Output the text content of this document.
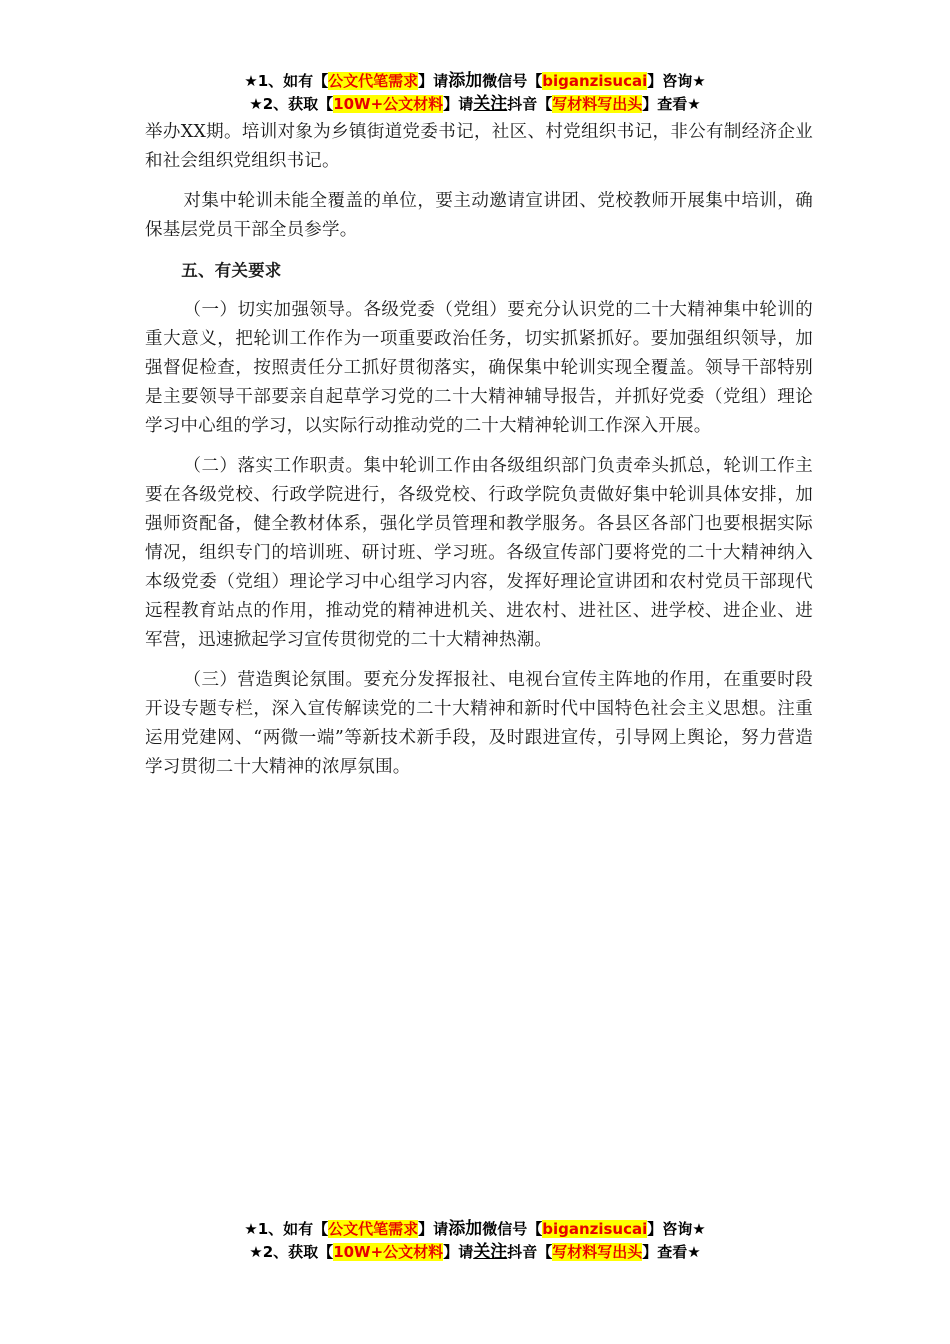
★1、如有【公文代笔需求】请添加微信号【biganzisucai】咨询★
★2、获取【10W+公文材料】请关注抖音【写材料写出头】查看★

举办XX期。培训对象为乡镇街道党委书记，社区、村党组织书记，非公有制经济企业和社会组织党组织书记。

对集中轮训未能全覆盖的单位，要主动邀请宣讲团、党校教师开展集中培训，确保基层党员干部全员参学。

五、有关要求

（一）切实加强领导。各级党委（党组）要充分认识党的二十大精神集中轮训的重大意义，把轮训工作作为一项重要政治任务，切实抓紧抓好。要加强组织领导，加强督促检查，按照责任分工抓好贯彻落实，确保集中轮训实现全覆盖。领导干部特别是主要领导干部要亲自起草学习党的二十大精神辅导报告，并抓好党委（党组）理论学习中心组的学习，以实际行动推动党的二十大精神轮训工作深入开展。

（二）落实工作职责。集中轮训工作由各级组织部门负责牵头抓总，轮训工作主要在各级党校、行政学院进行，各级党校、行政学院负责做好集中轮训具体安排，加强师资配备，健全教材体系，强化学员管理和教学服务。各县区各部门也要根据实际情况，组织专门的培训班、研讨班、学习班。各级宣传部门要将党的二十大精神纳入本级党委（党组）理论学习中心组学习内容，发挥好理论宣讲团和农村党员干部现代远程教育站点的作用，推动党的精神进机关、进农村、进社区、进学校、进企业、进军营，迅速掀起学习宣传贯彻党的二十大精神热潮。

（三）营造舆论氛围。要充分发挥报社、电视台宣传主阵地的作用，在重要时段开设专题专栏，深入宣传解读党的二十大精神和新时代中国特色社会主义思想。注重运用党建网、“两微一端”等新技术新手段，及时跟进宣传，引导网上舆论，努力营造学习贯彻二十大精神的浓厚氛围。

★1、如有【公文代笔需求】请添加微信号【biganzisucai】咨询★
★2、获取【10W+公文材料】请关注抖音【写材料写出头】查看★
